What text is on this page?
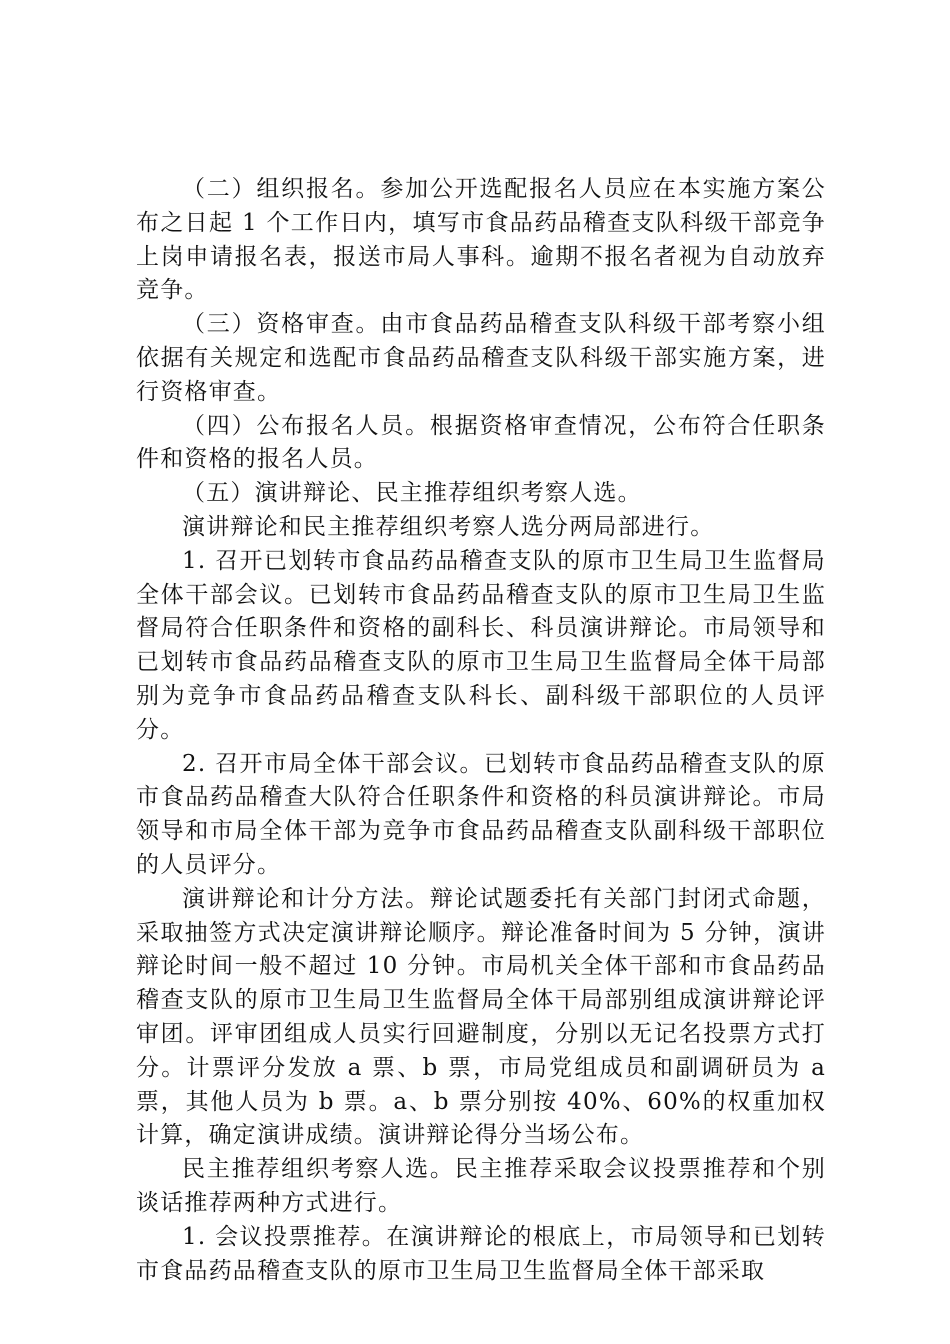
（二）组织报名。参加公开选配报名人员应在本实施方案公布之日起 1 个工作日内，填写市食品药品稽查支队科级干部竞争上岗申请报名表，报送市局人事科。逾期不报名者视为自动放弃竞争。

（三）资格审查。由市食品药品稽查支队科级干部考察小组依据有关规定和选配市食品药品稽查支队科级干部实施方案，进行资格审查。

（四）公布报名人员。根据资格审查情况，公布符合任职条件和资格的报名人员。

（五）演讲辩论、民主推荐组织考察人选。

演讲辩论和民主推荐组织考察人选分两局部进行。

1. 召开已划转市食品药品稽查支队的原市卫生局卫生监督局全体干部会议。已划转市食品药品稽查支队的原市卫生局卫生监督局符合任职条件和资格的副科长、科员演讲辩论。市局领导和已划转市食品药品稽查支队的原市卫生局卫生监督局全体干局部别为竞争市食品药品稽查支队科长、副科级干部职位的人员评分。

2. 召开市局全体干部会议。已划转市食品药品稽查支队的原市食品药品稽查大队符合任职条件和资格的科员演讲辩论。市局领导和市局全体干部为竞争市食品药品稽查支队副科级干部职位的人员评分。

演讲辩论和计分方法。辩论试题委托有关部门封闭式命题，采取抽签方式决定演讲辩论顺序。辩论准备时间为 5 分钟，演讲辩论时间一般不超过 10 分钟。市局机关全体干部和市食品药品稽查支队的原市卫生局卫生监督局全体干局部别组成演讲辩论评审团。评审团组成人员实行回避制度，分别以无记名投票方式打分。计票评分发放 a 票、b 票，市局党组成员和副调研员为 a 票，其他人员为 b 票。a、b 票分别按 40%、60%的权重加权计算，确定演讲成绩。演讲辩论得分当场公布。

民主推荐组织考察人选。民主推荐采取会议投票推荐和个别谈话推荐两种方式进行。

1. 会议投票推荐。在演讲辩论的根底上，市局领导和已划转市食品药品稽查支队的原市卫生局卫生监督局全体干部采取
